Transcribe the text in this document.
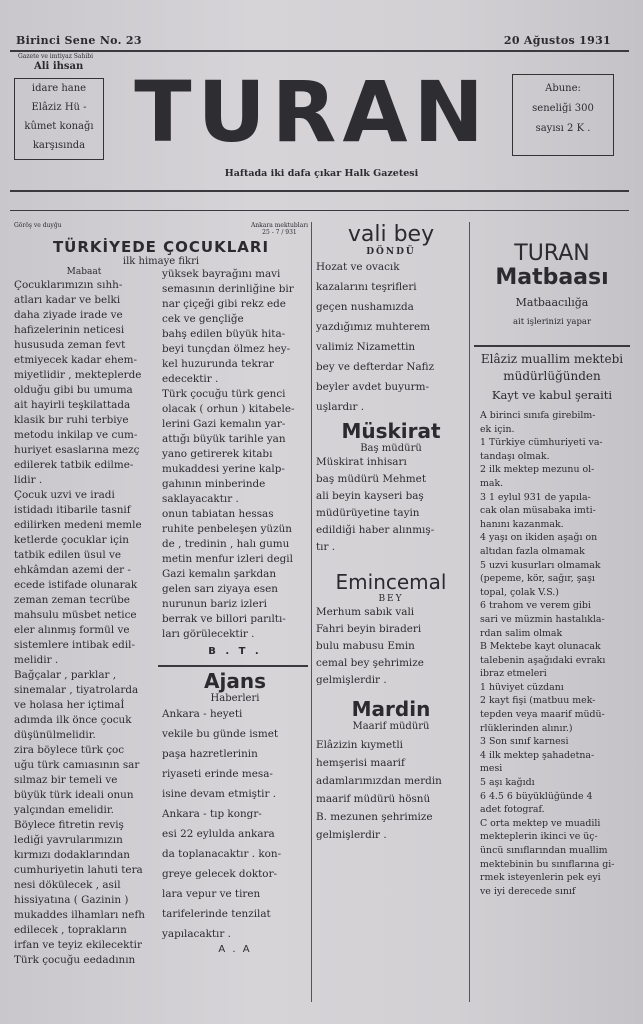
Birinci Sene No. 23	20 Ağustos 1931
Gazete ve imtiyaz Sahibi
Ali ihsan
idare hane
Elâziz Hü -
kûmet konağı
karşısında TURAN	Abune:
seneliği 300
sayısı 2 K .
Haftada iki dafa çıkar Halk Gazetesi
Göröş ve duyğu	Ankara mektubları
25 - 7 / 931
TÜRKİYEDE ÇOCUKLARI
ilk himaye fikri
Mabaat
Çocuklarımızın sıhh-
atları kadar ve belki
daha ziyade irade ve
hafizelerinin neticesi
hususuda zeman fevt
etmiyecek kadar ehem-
miyetlidir , mekteplerde
olduğu gibi bu umuma
ait hayirli teşkilattada
klasik bır ruhi terbiye
metodu inkilap ve cum-
huriyet esaslarına mezç
edilerek tatbik edilme-
lidir .
Çocuk uzvi ve iradi
istidadı itibarile tasnif
edilirken medeni memle
ketlerde çocuklar için
tatbik edilen üsul ve
ehkâmdan azemi der -
ecede istifade olunarak
zeman zeman tecrübe
mahsulu müsbet netice
eler alınmış formül ve
sistemlere intibak edil-
melidir .
Bağçalar , parklar ,
sinemalar , tiyatrolarda
ve holasa her içtimaİ
adımda ilk önce çocuk
düşünülmelidir.
zira böylece türk çoc
uğu türk camıasının sar
sılmaz bir temeli ve
büyük türk ideali onun
yalçından emelidir.
Böylece fitretin reviş
lediği yavrularımızın
kırmızı dodaklarından
cumhuriyetin lahuti tera
nesi dökülecek , asil
hissiyatına ( Gazinin )
mukaddes ilhamları nefh
edilecek , toprakların
irfan ve teyiz ekilecektir
Türk çocuğu eedadının
yüksek bayrağını mavi
semasının derinliğine bir
nar çiçeği gibi rekz ede
cek ve gençliğe
bahş edilen büyük hita-
beyi tunçdan ölmez hey-
kel huzurunda tekrar
edecektir .
Türk çocuğu türk genci
olacak ( orhun ) kitabele-
lerini Gazi kemalın yar-
attığı büyük tarihle yan
yano getirerek kitabı
mukaddesi yerine kalp-
gahının minberinde
saklayacaktır .
onun tabiatan hessas
ruhite penbeleşen yüzün
de , tredinin , halı gumu
metin menfur izleri degil
Gazi kemalın şarkdan
gelen sarı ziyaya esen
nurunun bariz izleri
berrak ve billori parıltı-
ları görülecektir .
B . T .
Ajans
Haberleri
Ankara - heyeti
vekile bu günde ismet
paşa hazretlerinin
riyaseti erinde mesa-
isine devam etmiştir .
Ankara - tıp kongr-
esi 22 eylulda ankara
da toplanacaktır . kon-
greye gelecek doktor-
lara vepur ve tiren
tarifelerinde tenzilat
yapılacaktır .
A . A
vali bey
DÖNDÜ
Hozat ve ovacık
kazalarını teşrifleri
geçen nushamızda
yazdığımız muhterem
valimiz Nizamettin
bey ve defterdar Nafiz
beyler avdet buyurm-
uşlardır .
Müskirat
Baş müdürü
Müskirat inhisarı
baş müdürü Mehmet
ali beyin kayseri baş
müdürüyetine tayin
edildiği haber alınmış-
tır .
Emincemal
BEY
Merhum sabık vali
Fahri beyin biraderi
bulu mabusu Emin
cemal bey şehrimize
gelmişlerdir .
Mardin
Maarif müdürü
Elâzizin kıymetli
hemşerisi maarif
adamlarımızdan merdin
maarif müdürü hösnü
B. mezunen şehrimize
gelmişlerdir .
TURAN
Matbaası
Matbaacılığa
ait işlerinizi yapar
Elâziz muallim mektebi
müdürlüğünden
Kayt ve kabul şeraiti

A birinci sınıfa girebilm-

ek için.

1 Türkiye cümhuriyeti va-

tandaşı olmak.

2 ilk mektep mezunu ol-

mak.

3 1 eylul 931 de yapıla-

cak olan müsabaka imti-

hanını kazanmak.

4 yaşı on ikiden aşağı on

altıdan fazla olmamak

5 uzvi kusurları olmamak

(pepeme, kör, sağır, şaşı

topal, çolak V.S.)

6 trahom ve verem gibi

sari ve müzmin hastalıkla-

rdan salim olmak

B Mektebe kayt olunacak

talebenin aşağıdaki evrakı

ibraz etmeleri

1 hüviyet cüzdanı

2 kayt fişi (matbuu mek-

tepden veya maarif müdü-

rlüklerinden alınır.)

3 Son sınıf karnesi

4 ilk mektep şahadetna-

mesi

5 aşı kağıdı

6 4.5 6 büyüklüğünde 4

adet fotograf.

C orta mektep ve muadili

mekteplerin ikinci ve üç-

üncü sınıflarından muallim

mektebinin bu sınıflarına gi-

rmek isteyenlerin pek eyi

ve iyi derecede sınıf
